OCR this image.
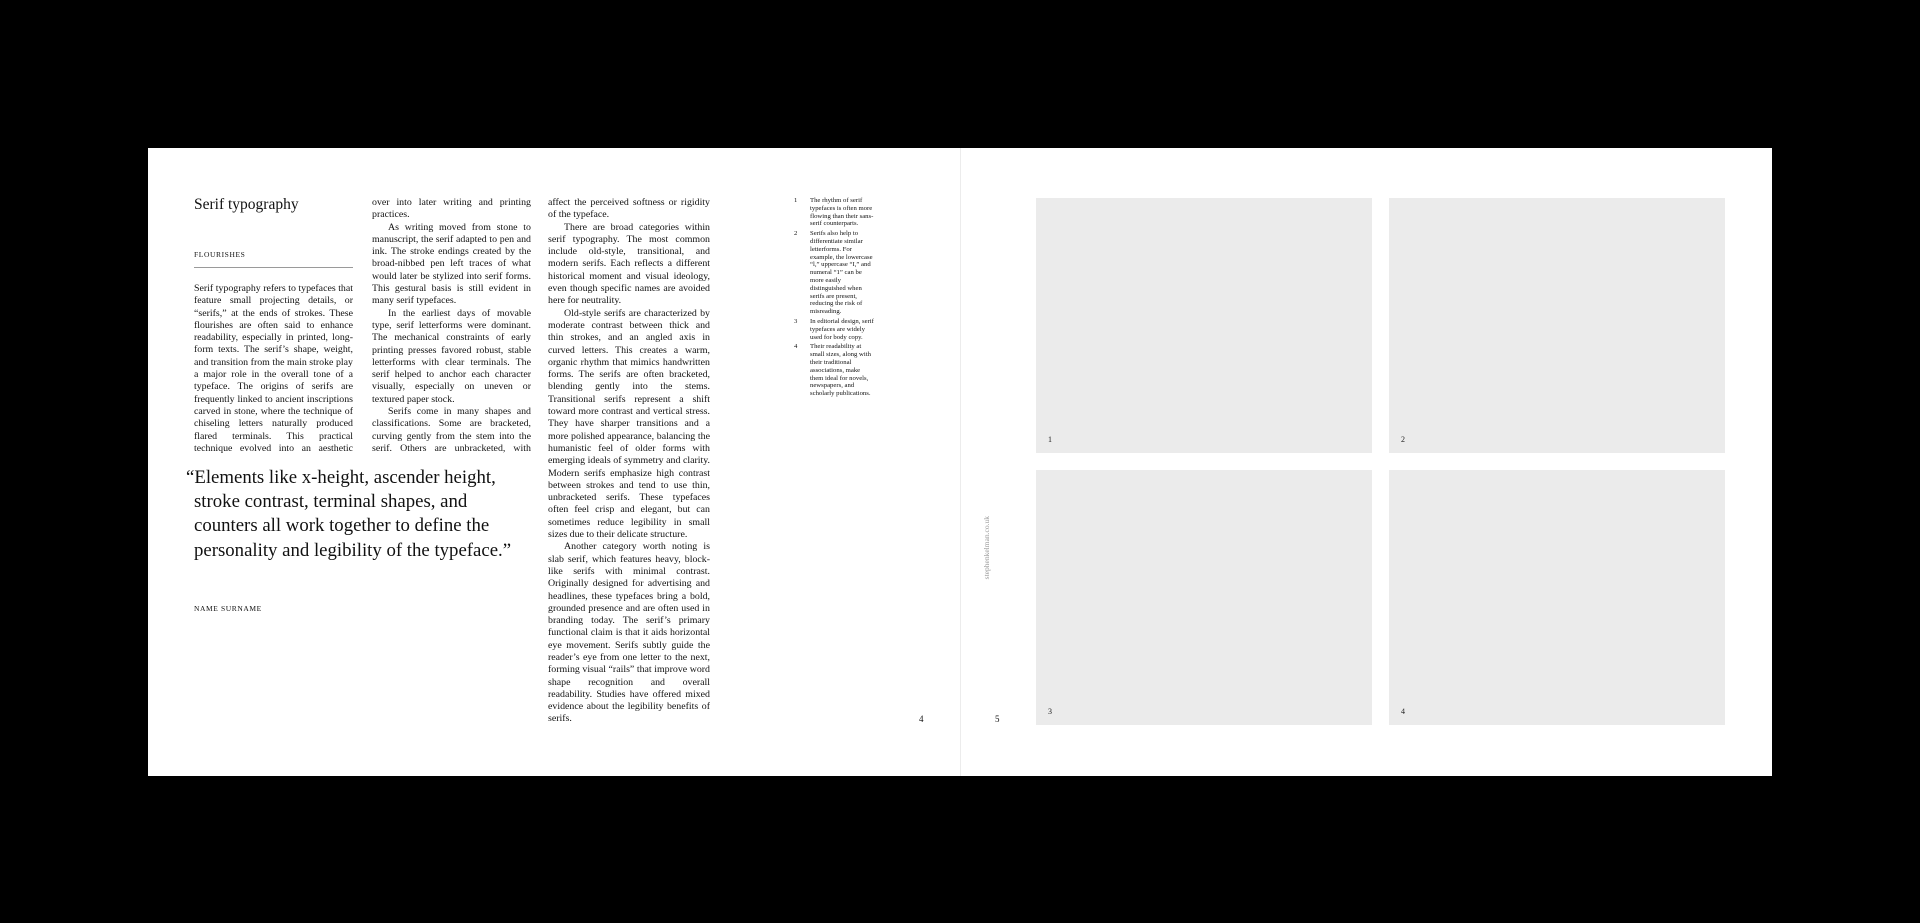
Serif typography
FLOURISHES

Serif typography refers to typefaces that feature small projecting details, or “serifs,” at the ends of strokes. These flourishes are often said to enhance readability, especially in printed, long-form texts. The serif’s shape, weight, and transition from the main stroke play a major role in the overall tone of a typeface. The origins of serifs are frequently linked to ancient inscriptions carved in stone, where the technique of chiseling letters naturally produced flared terminals. This practical technique evolved into an aesthetic

over into later writing and printing practices.

As writing moved from stone to manuscript, the serif adapted to pen and ink. The stroke endings created by the broad-nibbed pen left traces of what would later be stylized into serif forms. This gestural basis is still evident in many serif typefaces.

In the earliest days of movable type, serif letterforms were dominant. The mechanical constraints of early printing presses favored robust, stable letterforms with clear terminals. The serif helped to anchor each character visually, especially on uneven or textured paper stock.

Serifs come in many shapes and classifications. Some are bracketed, curving gently from the stem into the serif. Others are unbracketed, with

affect the perceived softness or rigidity of the typeface.

There are broad categories within serif typography. The most common include old-style, transitional, and modern serifs. Each reflects a different historical moment and visual ideology, even though specific names are avoided here for neutrality.

Old-style serifs are characterized by moderate contrast between thick and thin strokes, and an angled axis in curved letters. This creates a warm, organic rhythm that mimics handwritten forms. The serifs are often bracketed, blending gently into the stems. Transitional serifs represent a shift toward more contrast and vertical stress. They have sharper transitions and a more polished appearance, balancing the humanistic feel of older forms with emerging ideals of symmetry and clarity. Modern serifs emphasize high contrast between strokes and tend to use thin, unbracketed serifs. These typefaces often feel crisp and elegant, but can sometimes reduce legibility in small sizes due to their delicate structure.

Another category worth noting is slab serif, which features heavy, block-like serifs with minimal contrast. Originally designed for advertising and headlines, these typefaces bring a bold, grounded presence and are often used in branding today. The serif’s primary functional claim is that it aids horizontal eye movement. Serifs subtly guide the reader’s eye from one letter to the next, forming visual “rails” that improve word shape recognition and overall readability. Studies have offered mixed evidence about the legibility benefits of serifs.

“Elements like x-height, ascender height, stroke contrast, terminal shapes, and counters all work together to define the personality and legibility of the typeface.”
NAME SURNAME
1 The rhythm of serif typefaces is often more flowing than their sans-serif counterparts.
2 Serifs also help to differentiate similar letterforms. For example, the lowercase “l,” uppercase “I,” and numeral “1” can be more easily distinguished when serifs are present, reducing the risk of misreading.
3 In editorial design, serif typefaces are widely used for body copy.
4 Their readability at small sizes, along with their traditional associations, make them ideal for novels, newspapers, and scholarly publications.
4	5
stephenkelman.co.uk
1	2
3	4
